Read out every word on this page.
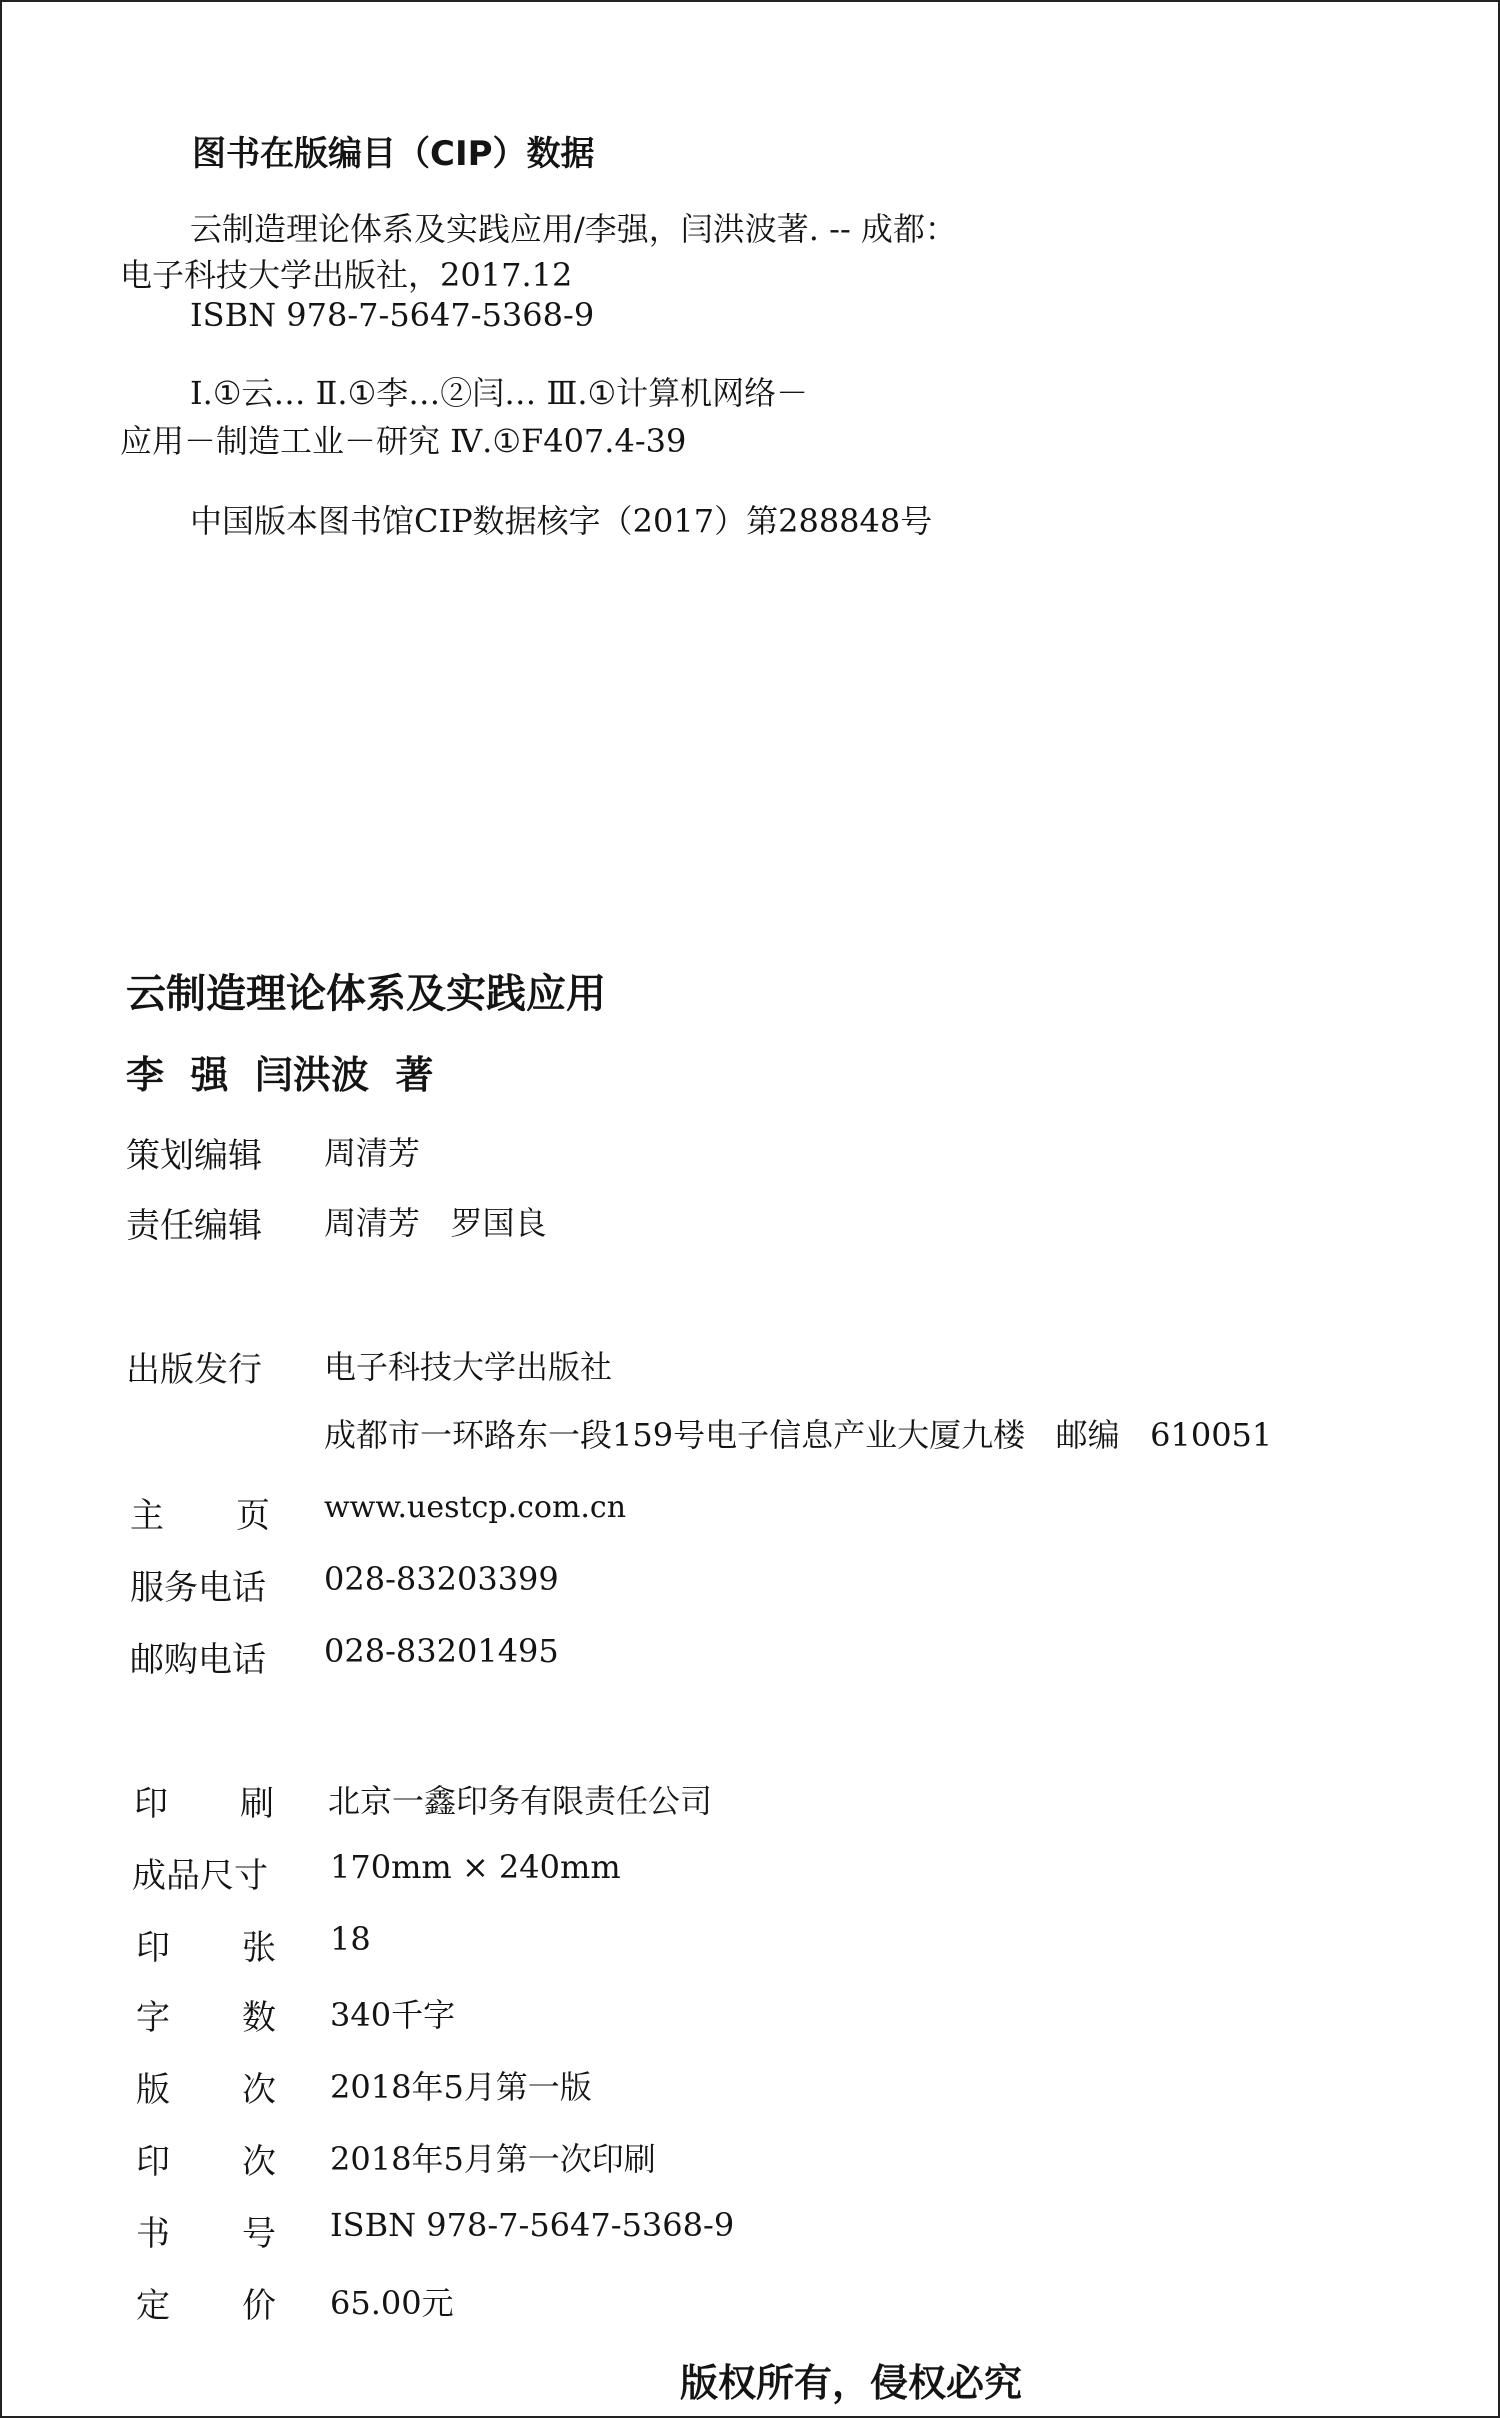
图书在版编目（CIP）数据
云制造理论体系及实践应用/李强，闫洪波著. -- 成都：
电子科技大学出版社，2017.12
ISBN 978-7-5647-5368-9
Ⅰ.①云… Ⅱ.①李…②闫… Ⅲ.①计算机网络－
应用－制造工业－研究 Ⅳ.①F407.4-39
中国版本图书馆CIP数据核字（2017）第288848号
云制造理论体系及实践应用
李  强  闫洪波  著
策划编辑 周清芳
责任编辑 周清芳   罗国良
出版发行 电子科技大学出版社
成都市一环路东一段159号电子信息产业大厦九楼   邮编   610051
主 页 www.uestcp.com.cn
服务电话 028-83203399
邮购电话 028-83201495
印 刷 北京一鑫印务有限责任公司
成品尺寸 170mm × 240mm
印 张 18
字 数 340千字
版 次 2018年5月第一版
印 次 2018年5月第一次印刷
书 号 ISBN 978-7-5647-5368-9
定 价 65.00元
版权所有，侵权必究
